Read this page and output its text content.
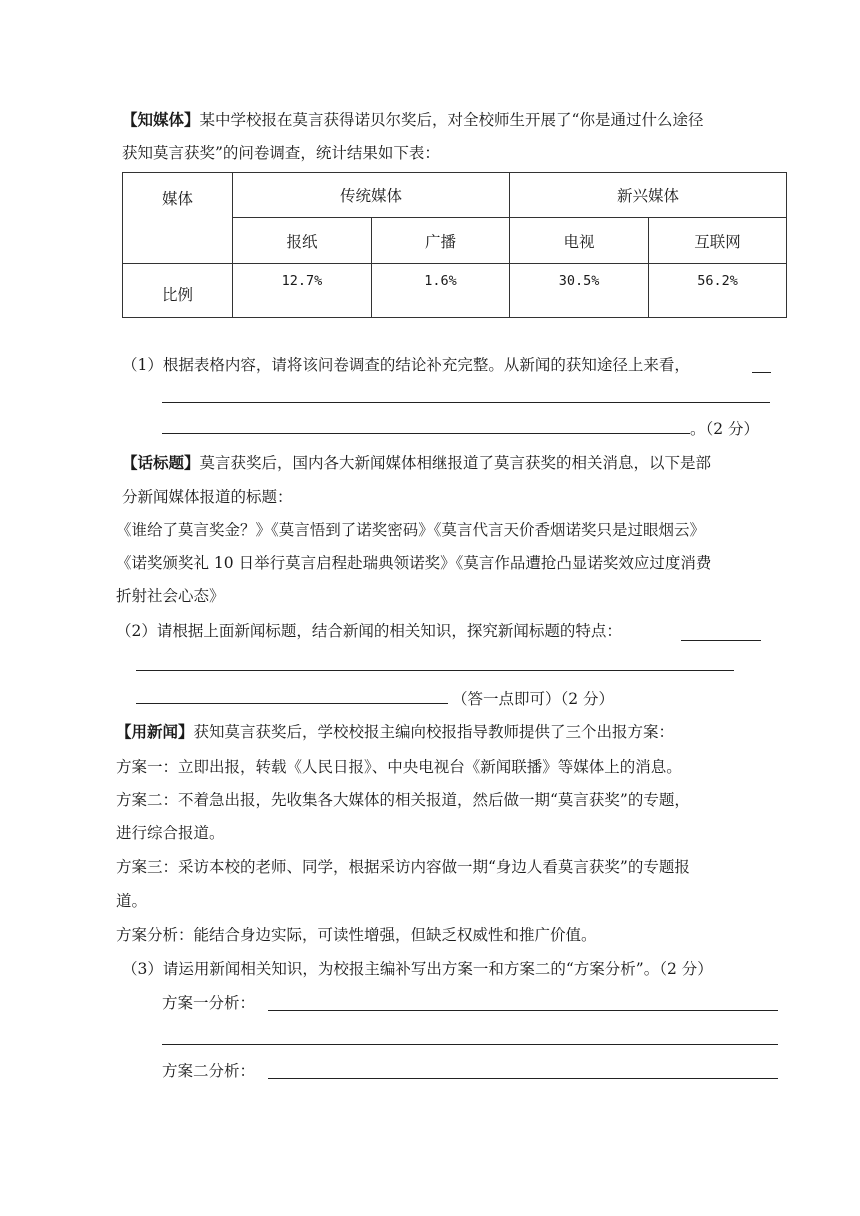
【知媒体】某中学校报在莫言获得诺贝尔奖后，对全校师生开展了“你是通过什么途径
获知莫言获奖”的问卷调查，统计结果如下表：
媒体	传统媒体		新兴媒体	
	报纸	广播	电视	互联网
比例	12.7%	1.6%	30.5%	56.2%
（1）根据表格内容，请将该问卷调查的结论补充完整。从新闻的获知途径上来看，
。（2 分）
【话标题】莫言获奖后，国内各大新闻媒体相继报道了莫言获奖的相关消息，以下是部
分新闻媒体报道的标题：
《谁给了莫言奖金？》《莫言悟到了诺奖密码》《莫言代言天价香烟诺奖只是过眼烟云》
《诺奖颁奖礼 10 日举行莫言启程赴瑞典领诺奖》《莫言作品遭抢凸显诺奖效应过度消费
折射社会心态》
（2）请根据上面新闻标题，结合新闻的相关知识，探究新闻标题的特点：
（答一点即可）（2 分）
【用新闻】获知莫言获奖后，学校校报主编向校报指导教师提供了三个出报方案：
方案一：立即出报，转载《人民日报》、中央电视台《新闻联播》等媒体上的消息。
方案二：不着急出报，先收集各大媒体的相关报道，然后做一期“莫言获奖”的专题，
进行综合报道。
方案三：采访本校的老师、同学，根据采访内容做一期“身边人看莫言获奖”的专题报
道。
方案分析：能结合身边实际，可读性增强，但缺乏权威性和推广价值。
（3）请运用新闻相关知识，为校报主编补写出方案一和方案二的“方案分析”。（2 分）
方案一分析：
方案二分析：
